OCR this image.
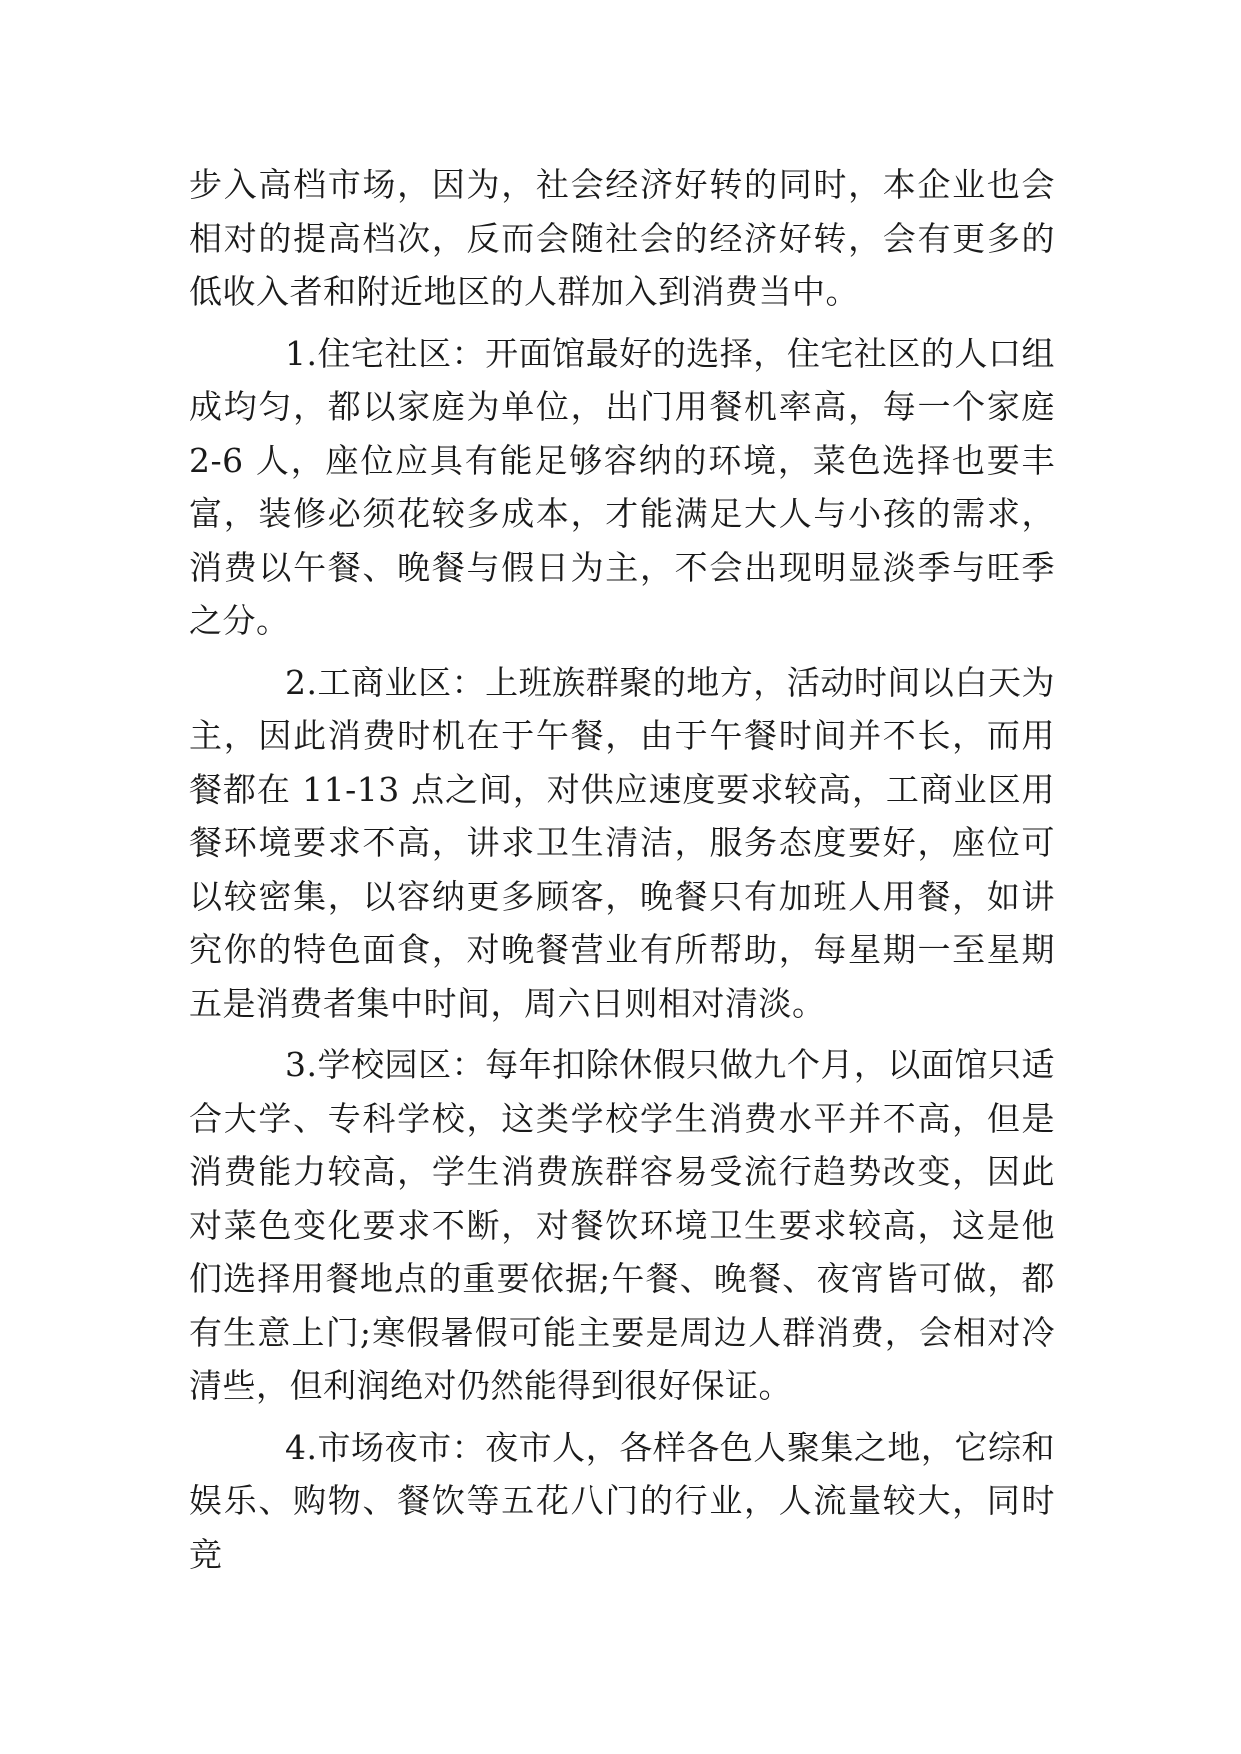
步入高档市场，因为，社会经济好转的同时，本企业也会相对的提高档次，反而会随社会的经济好转，会有更多的低收入者和附近地区的人群加入到消费当中。

1.住宅社区：开面馆最好的选择，住宅社区的人口组成均匀，都以家庭为单位，出门用餐机率高，每一个家庭 2-6 人，座位应具有能足够容纳的环境，菜色选择也要丰富，装修必须花较多成本，才能满足大人与小孩的需求，消费以午餐、晚餐与假日为主，不会出现明显淡季与旺季之分。

2.工商业区：上班族群聚的地方，活动时间以白天为主，因此消费时机在于午餐，由于午餐时间并不长，而用餐都在 11-13 点之间，对供应速度要求较高，工商业区用餐环境要求不高，讲求卫生清洁，服务态度要好，座位可以较密集，以容纳更多顾客，晚餐只有加班人用餐，如讲究你的特色面食，对晚餐营业有所帮助，每星期一至星期五是消费者集中时间，周六日则相对清淡。

3.学校园区：每年扣除休假只做九个月，以面馆只适合大学、专科学校，这类学校学生消费水平并不高，但是消费能力较高，学生消费族群容易受流行趋势改变，因此对菜色变化要求不断，对餐饮环境卫生要求较高，这是他们选择用餐地点的重要依据;午餐、晚餐、夜宵皆可做，都有生意上门;寒假暑假可能主要是周边人群消费，会相对冷清些，但利润绝对仍然能得到很好保证。

4.市场夜市：夜市人，各样各色人聚集之地，它综和娱乐、购物、餐饮等五花八门的行业，人流量较大，同时竞
